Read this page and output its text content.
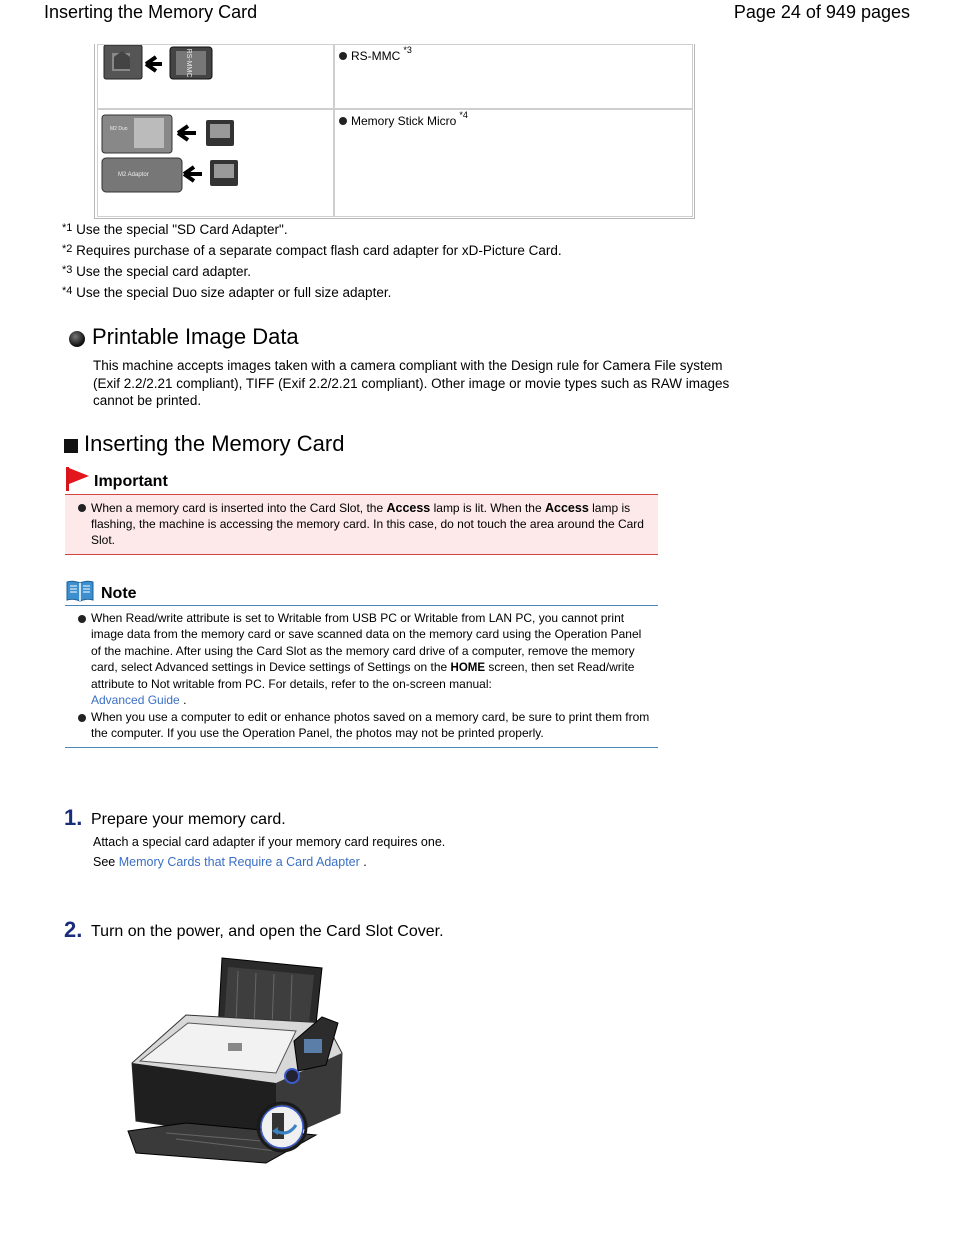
Inserting the Memory Card	Page 24 of 949 pages
RS-MMC	RS-MMC $^{*3}$
M2 Duo
M2 Adaptor
Memory Stick Micro $^{*4}$
$^{*1}$ Use the special "SD Card Adapter".
$^{*2}$ Requires purchase of a separate compact flash card adapter for xD-Picture Card.
$^{*3}$ Use the special card adapter.
$^{*4}$ Use the special Duo size adapter or full size adapter.
Printable Image Data
This machine accepts images taken with a camera compliant with the Design rule for Camera File system (Exif 2.2/2.21 compliant), TIFF (Exif 2.2/2.21 compliant). Other image or movie types such as RAW images cannot be printed.
Inserting the Memory Card
Important
When a memory card is inserted into the Card Slot, the Access lamp is lit. When the Access lamp is flashing, the machine is accessing the memory card. In this case, do not touch the area around the Card Slot.
Note
When Read/write attribute is set to Writable from USB PC or Writable from LAN PC, you cannot print image data from the memory card or save scanned data on the memory card using the Operation Panel of the machine. After using the Card Slot as the memory card drive of a computer, remove the memory card, select Advanced settings in Device settings of Settings on the HOME screen, then set Read/write attribute to Not writable from PC. For details, refer to the on-screen manual:
Advanced Guide .
When you use a computer to edit or enhance photos saved on a memory card, be sure to print them from the computer. If you use the Operation Panel, the photos may not be printed properly.
1. Prepare your memory card.
Attach a special card adapter if your memory card requires one.
See Memory Cards that Require a Card Adapter .
2. Turn on the power, and open the Card Slot Cover.
